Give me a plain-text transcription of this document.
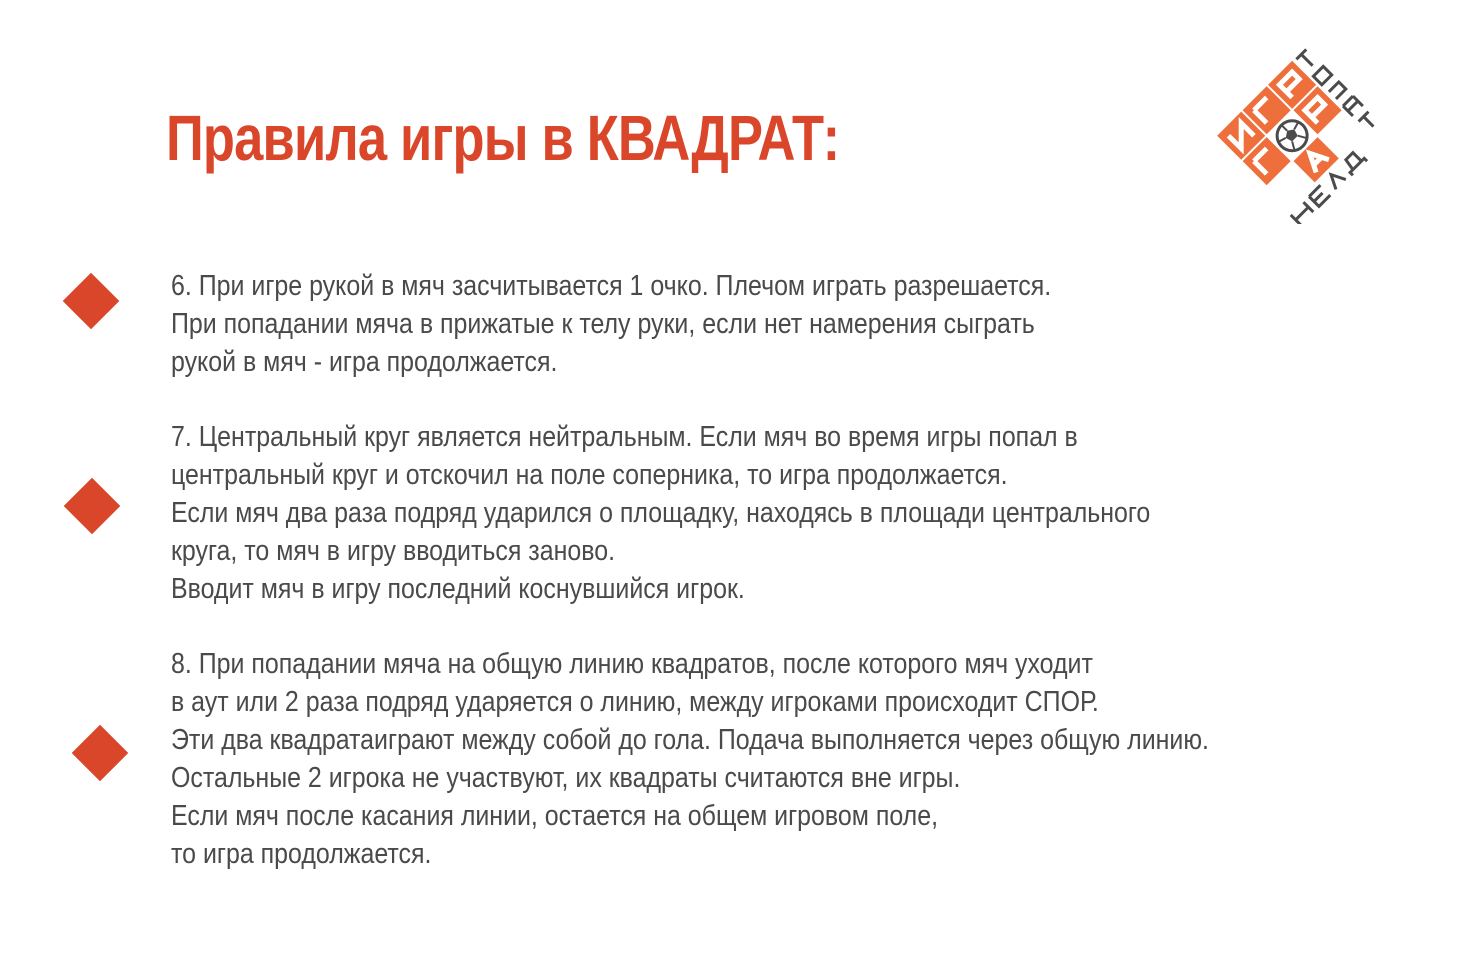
Правила игры в КВАДРАТ:

6. При игре рукой в мяч засчитывается 1 очко. Плечом играть разрешается.
При попадании мяча в прижатые к телу руки, если нет намерения сыграть
рукой в мяч - игра продолжается.

7. Центральный круг является нейтральным. Если мяч во время игры попал в
центральный круг и отскочил на поле соперника, то игра продолжается.
Если мяч два раза подряд ударился о площадку, находясь в площади центрального
круга, то мяч в игру вводиться заново.
Вводит мяч в игру последний коснувшийся игрок.

8. При попадании мяча на общую линию квадратов, после которого мяч уходит
в аут или 2 раза подряд ударяется о линию, между игроками происходит СПОР.
Эти два квадратаиграют между собой до гола. Подача выполняется через общую линию.
Остальные 2 игрока не участвуют, их квадраты считаются вне игры.
Если мяч после касания линии, остается на общем игровом поле,
то игра продолжается.
